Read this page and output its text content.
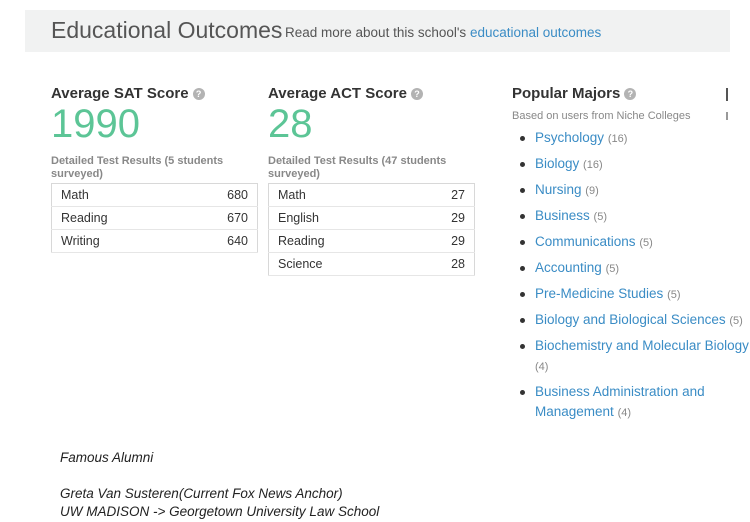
Educational Outcomes Read more about this school's educational outcomes
Average SAT Score ?
1990
Detailed Test Results (5 students surveyed)
Math	680
Reading	670
Writing	640
Average ACT Score ?
28
Detailed Test Results (47 students surveyed)
Math	27
English	29
Reading	29
Science	28
Popular Majors ?
Based on users from Niche Colleges
Psychology (16)
Biology (16)
Nursing (9)
Business (5)
Communications (5)
Accounting (5)
Pre-Medicine Studies (5)
Biology and Biological Sciences (5)
Biochemistry and Molecular Biology (4)
Business Administration and Management (4)
Famous Alumni
Greta Van Susteren(Current Fox News Anchor)
UW MADISON -> Georgetown University Law School
